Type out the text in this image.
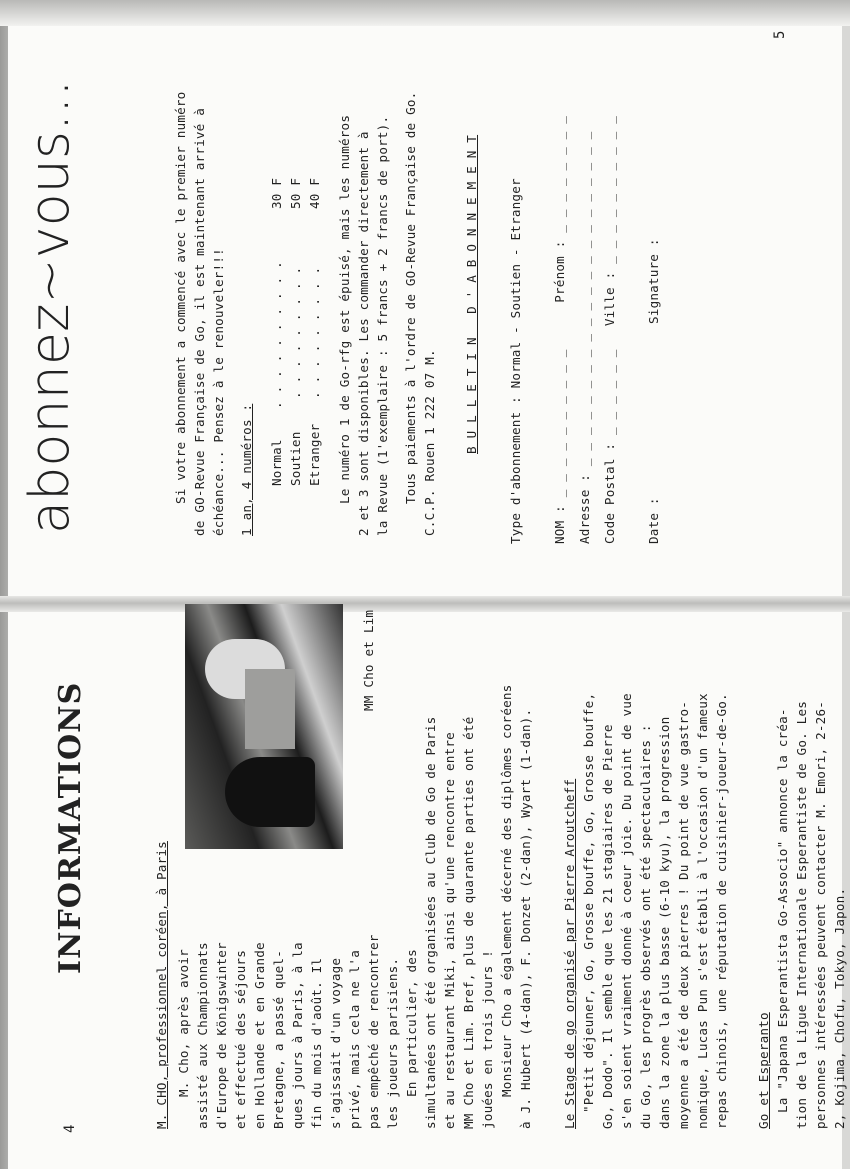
4
INFORMATIONS
M. CHO, professionnel coréen, à Paris M. Cho, après avoir assisté aux Championnats d'Europe de Königswinter et effectué des séjours en Hollande et en Grande Bretagne, a passé quel- ques jours à Paris, à la fin du mois d'août. Il s'agissait d'un voyage privé, mais cela ne l'a pas empêché de rencontrer les joueurs parisiens. En particulier, des
MM Cho et Lim
simultanées ont été organisées au Club de Go de Paris et au restaurant Miki, ainsi qu'une rencontre entre MM Cho et Lim. Bref, plus de quarante parties ont été jouées en trois jours ! Monsieur Cho a également décerné des diplômes coréens à J. Hubert (4-dan), F. Donzet (2-dan), Wyart (1-dan). Le Stage de go organisé par Pierre Aroutcheff "Petit déjeuner, Go, Grosse bouffe, Go, Grosse bouffe, Go, Dodo". Il semble que les 21 stagiaires de Pierre s'en soient vraiment donné à coeur joie. Du point de vue du Go, les progrès observés ont été spectaculaires : dans la zone la plus basse (6-10 kyu), la progression moyenne a été de deux pierres ! Du point de vue gastro- nomique, Lucas Pun s'est établi à l'occasion d'un fameux repas chinois, une réputation de cuisinier-joueur-de-Go. Go et Esperanto La "Japana Esperantista Go-Associo" annonce la créa- tion de la Ligue Internationale Esperantiste de Go. Les personnes intéressées peuvent contacter M. Emori, 2-26- 2, Kojima, Chofu, Tokyo, Japon.
5
abonnez~vous...	Si votre abonnement a commencé avec le premier numéro de GO-Revue Française de Go, il est maintenant arrivé à échéance... Pensez à le renouveler!!! 1 an, 4 numéros : Normal
. . . . . . . . . .
30 F
Soutien
. . . . . . . . .
50 F
Etranger
. . . . . . . . .
40 F Le numéro 1 de Go-rfg est épuisé, mais les numéros 2 et 3 sont disponibles. Les commander directement à la Revue (1'exemplaire : 5 francs + 2 francs de port). Tous paiements à l'ordre de GO-Revue Française de Go. C.C.P. Rouen 1 222 07 M. B U L L E T I N   D ' A B O N N E M E N T Type d'abonnement : Normal - Soutien - Etranger NOM : _ _ _ _ _ _ _ _ _ _      Prénom : _ _ _ _ _ _ _ _ Adresse : _ _ _ _ _ _ _ _ _ _ _ _ _ _ _ _ _ _ _ _ _ _ Code Postal : _ _ _ _ _ _   Ville : _ _ _ _ _ _ _ _ _ _ Date :
Signature :
